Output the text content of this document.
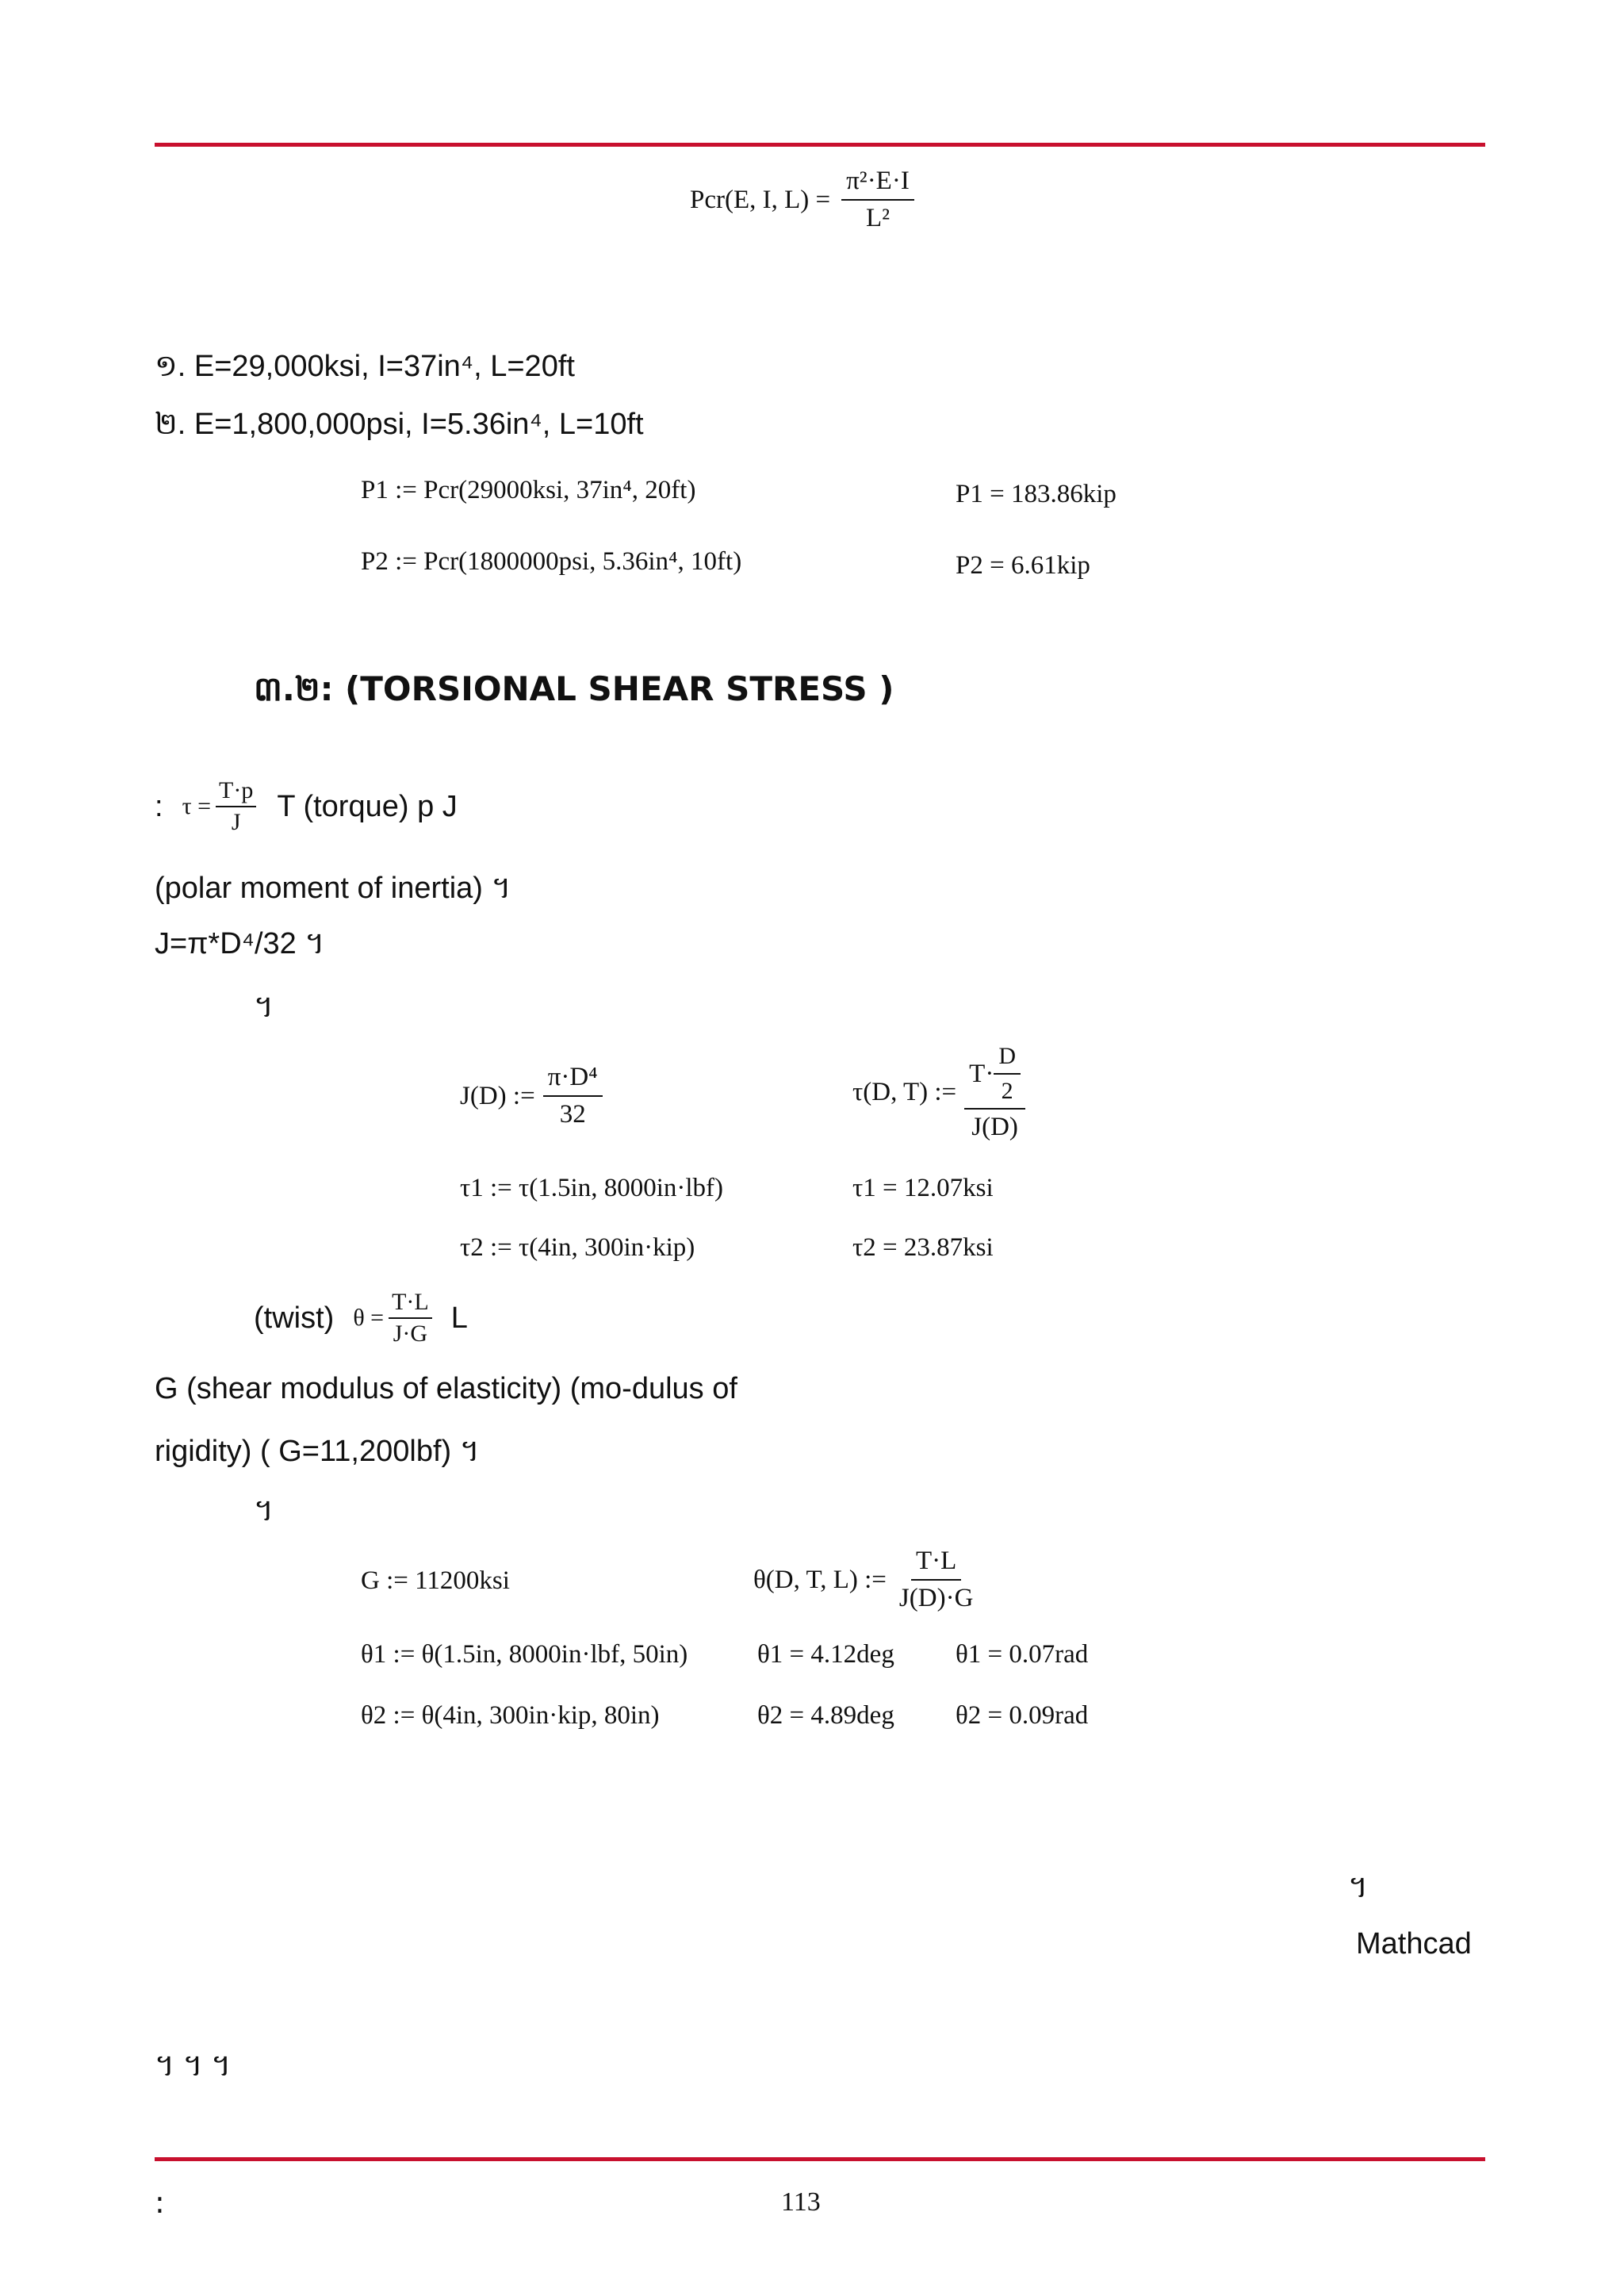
Pcr(E, I, $L) = \frac{\text{π²·E·I}}{\text{L²}}$
១. E=29,000ksi, I=37in⁴, L=20ft
២. E=1,800,000psi, I=5.36in⁴, L=10ft
P1 := Pcr(29000ksi, 37in⁴, 20ft)	P1 = 183.86kip
P2 := Pcr(1800000psi, 5.36in⁴, 10ft)	P2 = 6.61kip
៣.២: (TORSIONAL SHEAR STRESS )
: $\tau = \frac{T\cdot p}{J}$ T (torque) p J
(polar moment of inertia) ។
J=π*D⁴/32 ។
។
J(D) := $\frac{\text{π·D⁴}}{32}$	τ(D, T) := $\frac{T\cdot \frac{D}{2}}{J(D)}$
τ1 := τ(1.5in, 8000in·lbf)	τ1 = 12.07ksi
τ2 := τ(4in, 300in·kip)	τ2 = 23.87ksi
(twist) $\theta = \frac{T\cdot L}{J\cdot G}$ L
G (shear modulus of elasticity) (mo-dulus of
rigidity) ( G=11,200lbf) ។
។
G := 11200ksi	θ(D, T, L) := $\frac{T\cdot L}{J(D)\cdot G}$
θ1 := θ(1.5in, 8000in·lbf, 50in)	θ1 = 4.12deg θ1 = 0.07rad
θ2 := θ(4in, 300in·kip, 80in)	θ2 = 4.89deg θ2 = 0.09rad
។
Mathcad
។ ។ ។
:	113
